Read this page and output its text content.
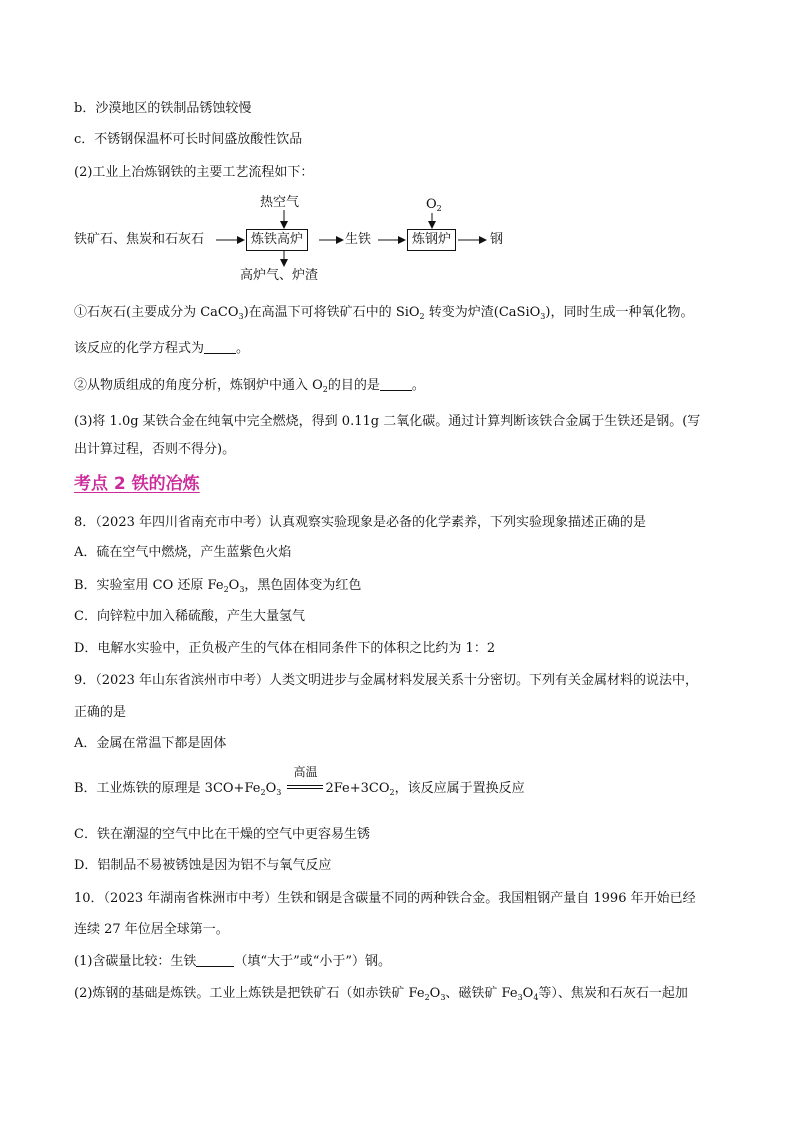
b．沙漠地区的铁制品锈蚀较慢
c．不锈钢保温杯可长时间盛放酸性饮品
(2)工业上冶炼钢铁的主要工艺流程如下：
铁矿石、焦炭和石灰石
热空气
炼铁高炉
高炉气、炉渣
生铁	炼钢炉
$O_2$
钢
①石灰石(主要成分为 CaCO$_3$)在高温下可将铁矿石中的 SiO$_2$ 转变为炉渣(CaSiO$_3$)，同时生成一种氧化物。
该反应的化学方程式为 。
②从物质组成的角度分析，炼钢炉中通入 $O_2$的目的是 。
(3)将 1.0g 某铁合金在纯氧中完全燃烧，得到 0.11g 二氧化碳。通过计算判断该铁合金属于生铁还是钢。(写
出计算过程，否则不得分)。
考点 2 铁的冶炼
8．（2023 年四川省南充市中考）认真观察实验现象是必备的化学素养，下列实验现象描述正确的是
A．硫在空气中燃烧，产生蓝紫色火焰
B．实验室用 CO 还原 $Fe_2O_3$，黑色固体变为红色
C．向锌粒中加入稀硫酸，产生大量氢气
D．电解水实验中，正负极产生的气体在相同条件下的体积之比约为 1：2
9．（2023 年山东省滨州市中考）人类文明进步与金属材料发展关系十分密切。下列有关金属材料的说法中，
正确的是
A．金属在常温下都是固体
B．工业炼铁的原理是 $3CO+Fe_2O_3$
高温
$2Fe+3CO_2$，该反应属于置换反应
C．铁在潮湿的空气中比在干燥的空气中更容易生锈
D．铝制品不易被锈蚀是因为铝不与氧气反应
10．（2023 年湖南省株洲市中考）生铁和钢是含碳量不同的两种铁合金。我国粗钢产量自 1996 年开始已经
连续 27 年位居全球第一。
(1)含碳量比较：生铁	（填“大于”或“小于”）钢。
(2)炼钢的基础是炼铁。工业上炼铁是把铁矿石（如赤铁矿 $Fe_2O_3$、磁铁矿 $Fe_3O_4$等）、焦炭和石灰石一起加
